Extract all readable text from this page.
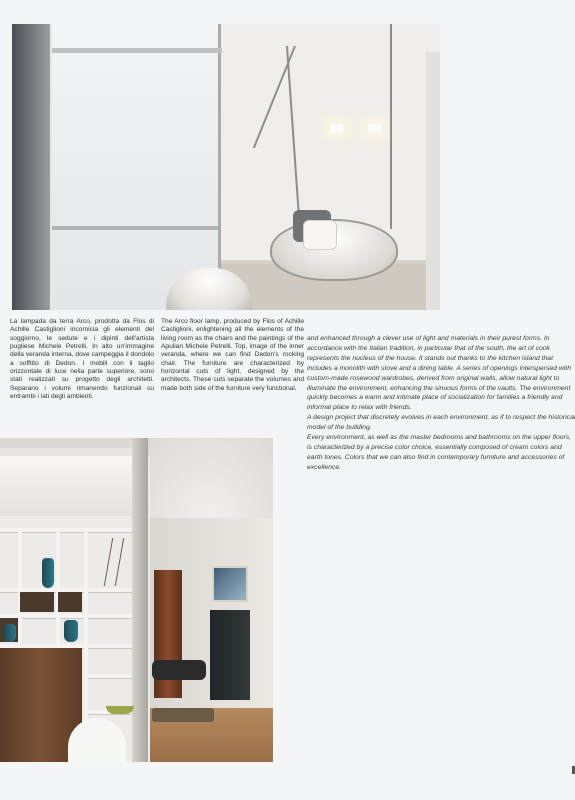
La lampada da terra Arco, prodotta da Flos di Achille Castiglioni incornicia gli elementi del soggiorno, le sedute e i dipinti dell'artista pugliese Michele Petrelli. In alto un'immagine della veranda interna, dove campeggia il dondolo a soffitto di Dedon. I mobili con il taglio orizzontale di luce nella parte superiore, sono stati realizzati su progetto degli architetti. Separano i volumi rimanendo funzionali su entrambi i lati degli ambienti.
The Arco floor lamp, produced by Flos of Achille Castiglioni, enlightening all the elements of the living room as the chairs and the paintings of the Apulian Michele Petrelli. Top, image of the inner veranda, where we can find Dedon's rocking chair. The furniture are characterized by horizontal cuts of light, designed by the architects. These cuts separate the volumes and made both side of the furniture very functional.

and enhanced through a clever use of light and materials in their purest forms. In accordance with the Italian tradition, in particular that of the south, the art of cook represents the nucleus of the house. It stands out thanks to the kitchen island that includes a monolith with stove and a dining table. A series of openings interspersed with custom-made rosewood wardrobes, derived from original walls, allow natural light to illuminate the environment, enhancing the sinuous forms of the vaults. The environment quickly becomes a warm and intimate place of socialization for families a friendly and informal place to relax with friends.

A design project that discretely evolves in each environment, as if to respect the historical model of the building.

Every environment, as well as the master bedrooms and bathrooms on the upper floors, is characterized by a precise color choice, essentially composed of cream colors and earth tones. Colors that we can also find in contemporary furniture and accessories of excellence.
